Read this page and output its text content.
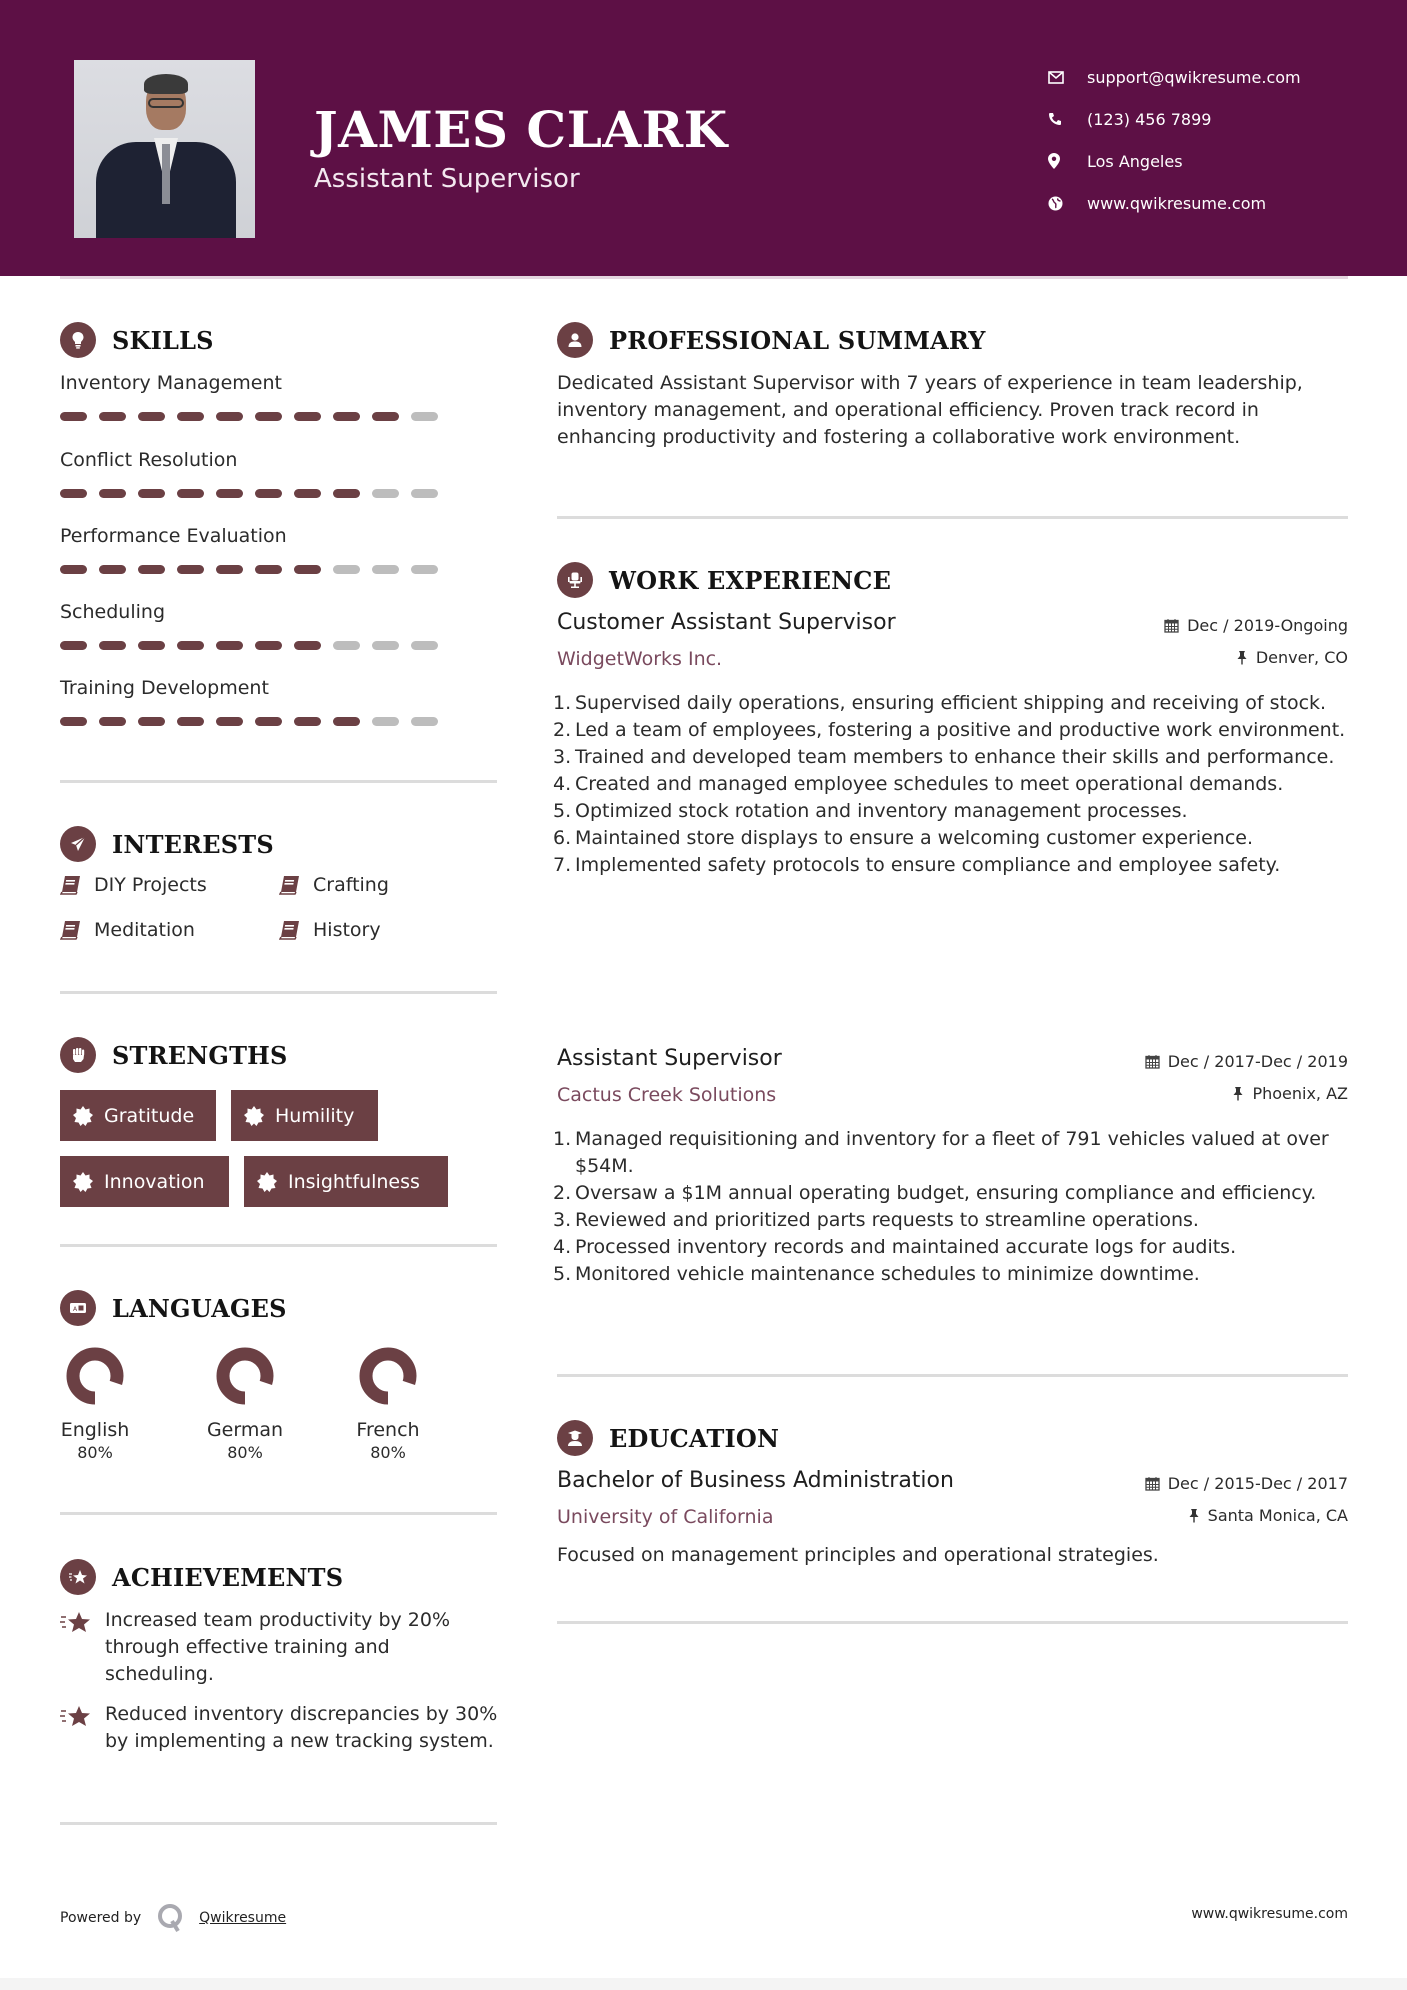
JAMES CLARK
Assistant Supervisor
support@qwikresume.com
(123) 456 7899
Los Angeles
www.qwikresume.com
SKILLS
Inventory Management
Conflict Resolution
Performance Evaluation
Scheduling
Training Development
INTERESTS
DIY Projects	Crafting
Meditation	History
STRENGTHS
Gratitude	Humility
Innovation	Insightfulness
A LANGUAGES
English
80%
German
80%
French
80%
ACHIEVEMENTS
Increased team productivity by 20% through effective training and scheduling.
Reduced inventory discrepancies by 30% by implementing a new tracking system.
PROFESSIONAL SUMMARY
Dedicated Assistant Supervisor with 7 years of experience in team leadership, inventory management, and operational efficiency. Proven track record in enhancing productivity and fostering a collaborative work environment.
WORK EXPERIENCE
Customer Assistant Supervisor	Dec / 2019-Ongoing
WidgetWorks Inc.	Denver, CO
1. Supervised daily operations, ensuring efficient shipping and receiving of stock.
2. Led a team of employees, fostering a positive and productive work environment.
3. Trained and developed team members to enhance their skills and performance.
4. Created and managed employee schedules to meet operational demands.
5. Optimized stock rotation and inventory management processes.
6. Maintained store displays to ensure a welcoming customer experience.
7. Implemented safety protocols to ensure compliance and employee safety.
Assistant Supervisor	Dec / 2017-Dec / 2019
Cactus Creek Solutions	Phoenix, AZ
1. Managed requisitioning and inventory for a fleet of 791 vehicles valued at over $54M.
2. Oversaw a $1M annual operating budget, ensuring compliance and efficiency.
3. Reviewed and prioritized parts requests to streamline operations.
4. Processed inventory records and maintained accurate logs for audits.
5. Monitored vehicle maintenance schedules to minimize downtime.
EDUCATION
Bachelor of Business Administration	Dec / 2015-Dec / 2017
University of California	Santa Monica, CA
Focused on management principles and operational strategies.
Powered by	Qwikresume	www.qwikresume.com
